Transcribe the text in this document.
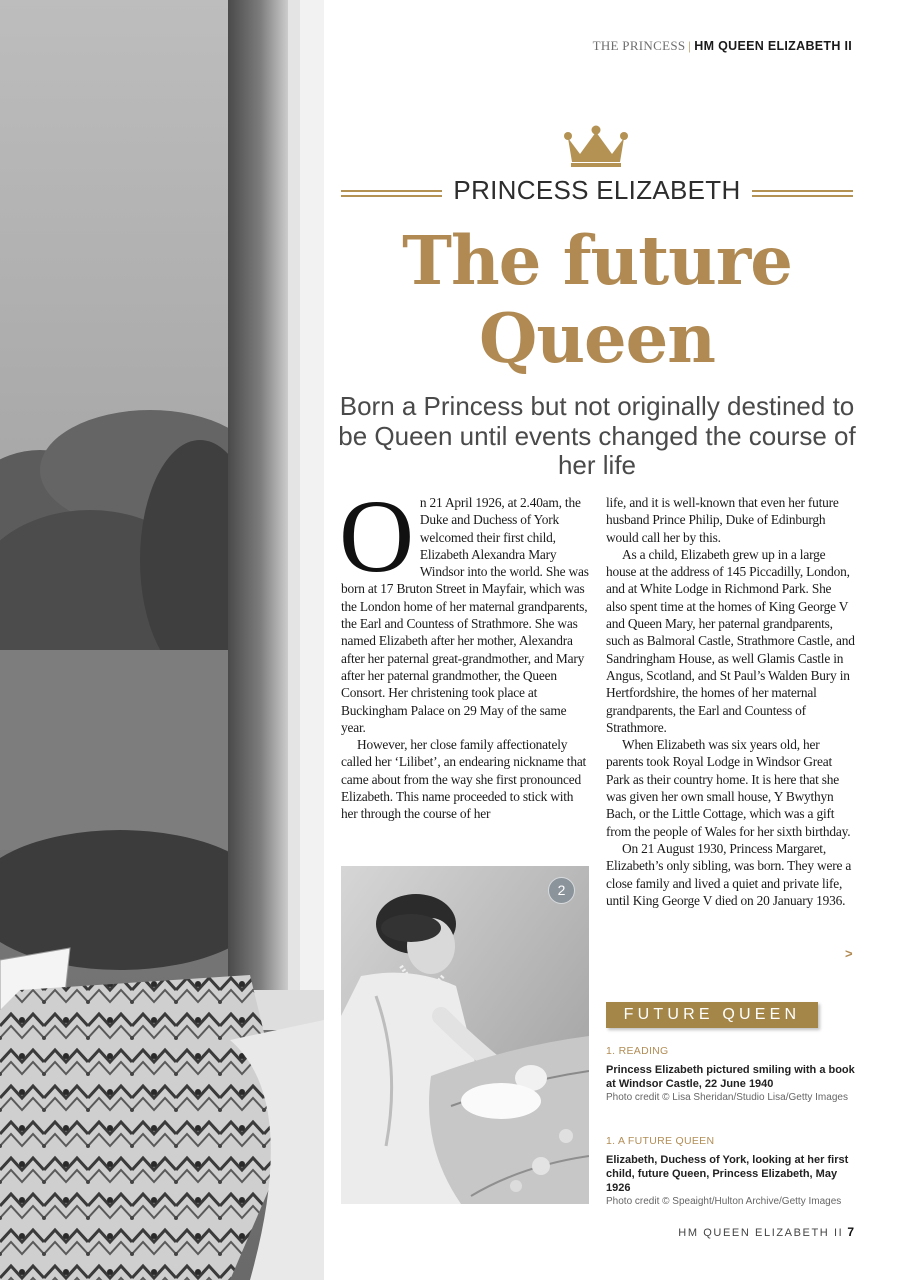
THE PRINCESS | HM QUEEN ELIZABETH II
PRINCESS ELIZABETH
The future
Queen

Born a Princess but not originally destined to be Queen until events changed the course of her life

On 21 April 1926, at 2.40am, the Duke and Duchess of York welcomed their first child, Elizabeth Alexandra Mary Windsor into the world. She was born at 17 Bruton Street in Mayfair, which was the London home of her maternal grandparents, the Earl and Countess of Strathmore. She was named Elizabeth after her mother, Alexandra after her paternal great-grandmother, and Mary after her paternal grandmother, the Queen Consort. Her christening took place at Buckingham Palace on 29 May of the same year.

However, her close family affectionately called her ‘Lilibet’, an endearing nickname that came about from the way she first pronounced Elizabeth. This name proceeded to stick with her through the course of her

life, and it is well-known that even her future husband Prince Philip, Duke of Edinburgh would call her by this.

As a child, Elizabeth grew up in a large house at the address of 145 Piccadilly, London, and at White Lodge in Richmond Park. She also spent time at the homes of King George V and Queen Mary, her paternal grandparents, such as Balmoral Castle, Strathmore Castle, and Sandringham House, as well Glamis Castle in Angus, Scotland, and St Paul’s Walden Bury in Hertfordshire, the homes of her maternal grandparents, the Earl and Countess of Strathmore.

When Elizabeth was six years old, her parents took Royal Lodge in Windsor Great Park as their country home. It is here that she was given her own small house, Y Bwythyn Bach, or the Little Cottage, which was a gift from the people of Wales for her sixth birthday.

On 21 August 1930, Princess Margaret, Elizabeth’s only sibling, was born. They were a close family and lived a quiet and private life, until King George V died on 20 January 1936.

>
2
FUTURE QUEEN
1. READING
Princess Elizabeth pictured smiling with a book at Windsor Castle, 22 June 1940
Photo credit © Lisa Sheridan/Studio Lisa/Getty Images
1. A FUTURE QUEEN
Elizabeth, Duchess of York, looking at her first child, future Queen, Princess Elizabeth, May 1926
Photo credit © Speaight/Hulton Archive/Getty Images
HM QUEEN ELIZABETH II 7
